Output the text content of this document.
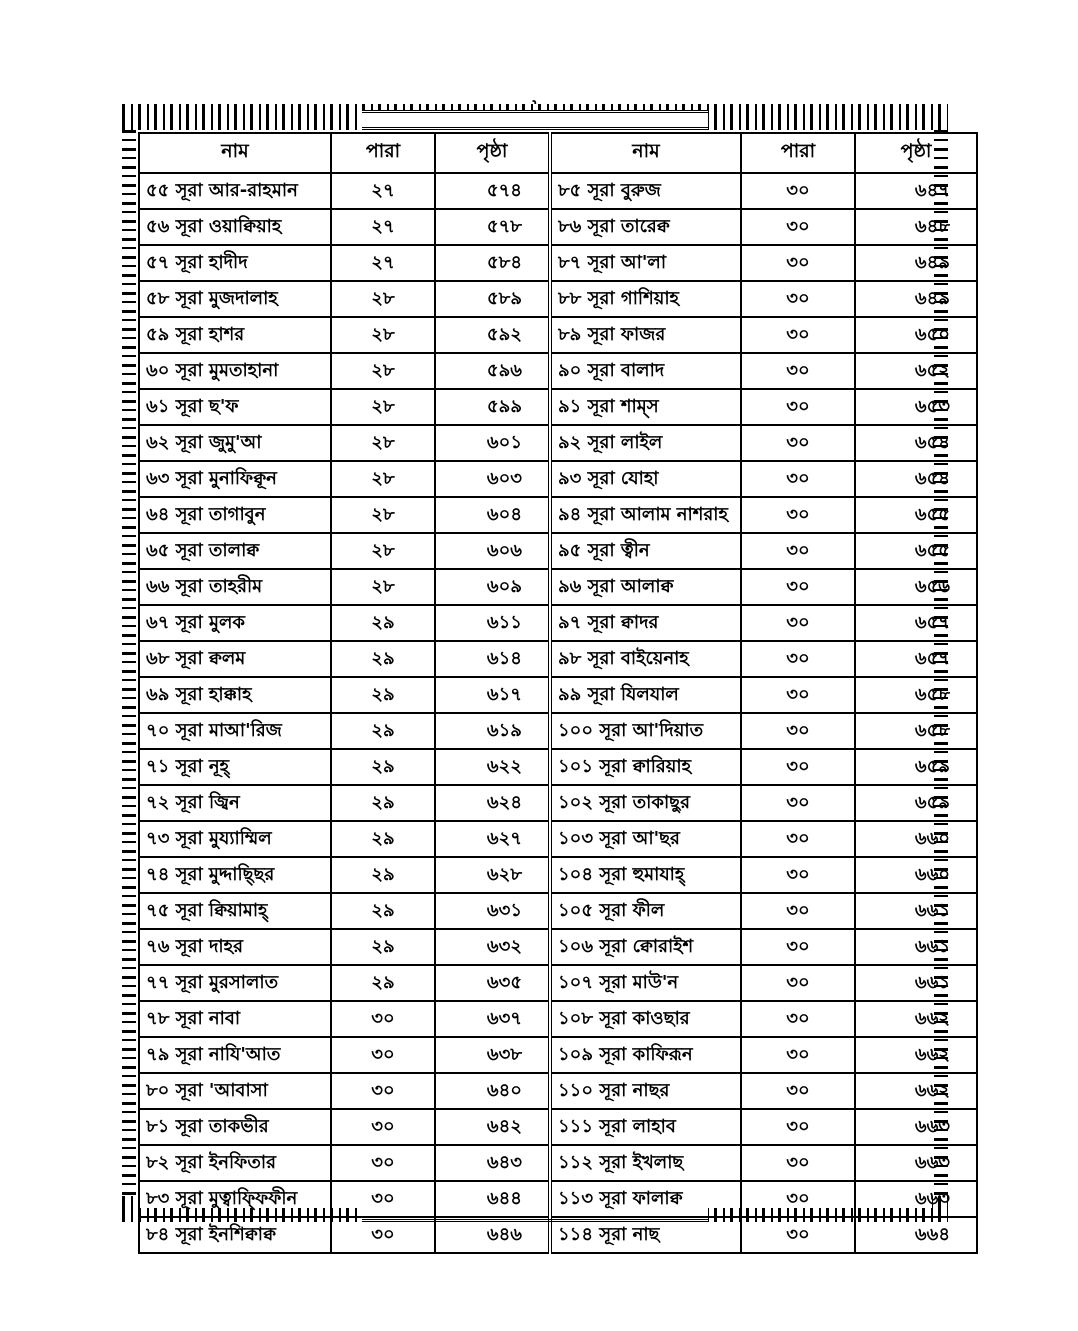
নাম	পারা	পৃষ্ঠা	নাম	পারা	পৃষ্ঠা
৫৫ সূরা আর-রাহমান	২৭	৫৭৪	৮৫ সূরা বুরুজ	৩০	৬৪৭
৫৬ সূরা ওয়াক্বিয়াহ	২৭	৫৭৮	৮৬ সূরা তারেক্ব	৩০	৬৪৮
৫৭ সূরা হাদীদ	২৭	৫৮৪	৮৭ সূরা আ'লা	৩০	৬৪৯
৫৮ সূরা মুজদালাহ	২৮	৫৮৯	৮৮ সূরা গাশিয়াহ	৩০	৬৪৯
৫৯ সূরা হাশর	২৮	৫৯২	৮৯ সূরা ফাজর	৩০	৬৫০
৬০ সূরা মুমতাহানা	২৮	৫৯৬	৯০ সূরা বালাদ	৩০	৬৫২
৬১ সূরা ছ'ফ	২৮	৫৯৯	৯১ সূরা শাম্স	৩০	৬৫৩
৬২ সূরা জুমু'আ	২৮	৬০১	৯২ সূরা লাইল	৩০	৬৫৪
৬৩ সূরা মুনাফিক্বূন	২৮	৬০৩	৯৩ সূরা যোহা	৩০	৬৫৪
৬৪ সূরা তাগাবুন	২৮	৬০৪	৯৪ সূরা আলাম নাশরাহ	৩০	৬৫৫
৬৫ সূরা তালাক্ব	২৮	৬০৬	৯৫ সূরা ত্বীন	৩০	৬৫৫
৬৬ সূরা তাহরীম	২৮	৬০৯	৯৬ সূরা আলাক্ব	৩০	৬৫৬
৬৭ সূরা মুলক	২৯	৬১১	৯৭ সূরা ক্বাদর	৩০	৬৫৭
৬৮ সূরা ক্বলম	২৯	৬১৪	৯৮ সূরা বাইয়েনাহ	৩০	৬৫৭
৬৯ সূরা হাক্কাহ	২৯	৬১৭	৯৯ সূরা যিলযাল	৩০	৬৫৮
৭০ সূরা মাআ'রিজ	২৯	৬১৯	১০০ সূরা আ'দিয়াত	৩০	৬৫৮
৭১ সূরা নূহ্	২৯	৬২২	১০১ সূরা ক্বারিয়াহ	৩০	৬৫৯
৭২ সূরা জ্বিন	২৯	৬২৪	১০২ সূরা তাকাছুর	৩০	৬৫৯
৭৩ সূরা মুয্যাম্মিল	২৯	৬২৭	১০৩ সূরা আ'ছর	৩০	৬৬০
৭৪ সূরা মুদ্দাছ্ছির	২৯	৬২৮	১০৪ সূরা হুমাযাহ্	৩০	৬৬০
৭৫ সূরা ক্বিয়ামাহ্	২৯	৬৩১	১০৫ সূরা ফীল	৩০	৬৬১
৭৬ সূরা দাহর	২৯	৬৩২	১০৬ সূরা ক্বোরাইশ	৩০	৬৬১
৭৭ সূরা মুরসালাত	২৯	৬৩৫	১০৭ সূরা মাউ'ন	৩০	৬৬১
৭৮ সূরা নাবা	৩০	৬৩৭	১০৮ সূরা কাওছার	৩০	৬৬২
৭৯ সূরা নাযি'আত	৩০	৬৩৮	১০৯ সূরা কাফিরূন	৩০	৬৬২
৮০ সূরা 'আবাসা	৩০	৬৪০	১১০ সূরা নাছর	৩০	৬৬২
৮১ সূরা তাকভীর	৩০	৬৪২	১১১ সূরা লাহাব	৩০	৬৬৩
৮২ সূরা ইনফিতার	৩০	৬৪৩	১১২ সূরা ইখলাছ	৩০	৬৬৩
৮৩ সূরা মুত্বাফ্ফিফীন	৩০	৬৪৪	১১৩ সূরা ফালাক্ব	৩০	৬৬৩
৮৪ সূরা ইনশিক্বাক্ব	৩০	৬৪৬	১১৪ সূরা নাছ	৩০	৬৬৪
